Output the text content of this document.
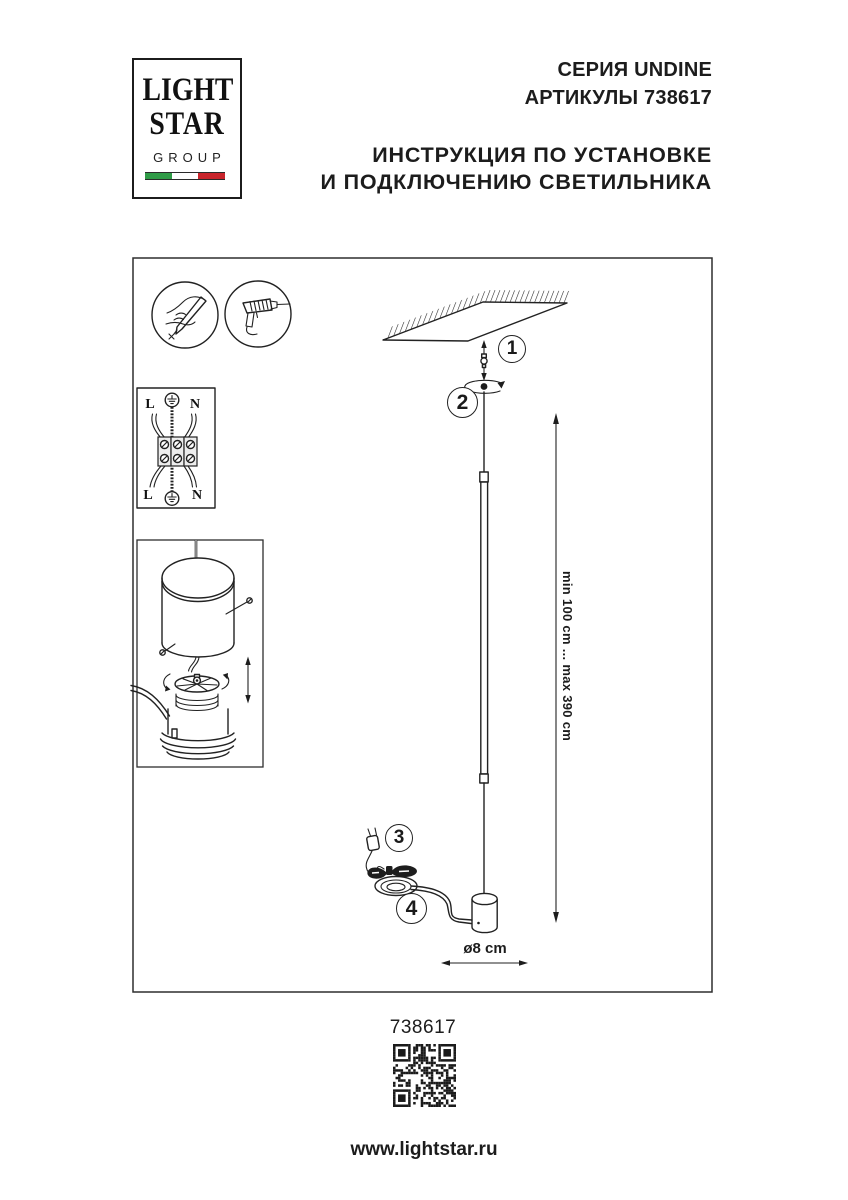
LIGHT
STAR
GROUP
СЕРИЯ UNDINE
АРТИКУЛЫ 738617
ИНСТРУКЦИЯ ПО УСТАНОВКЕ
И ПОДКЛЮЧЕНИЮ СВЕТИЛЬНИКА
L	N
L	N
1
2
3
4
min 100 cm ... max 390 cm
ø8 cm
738617
www.lightstar.ru
